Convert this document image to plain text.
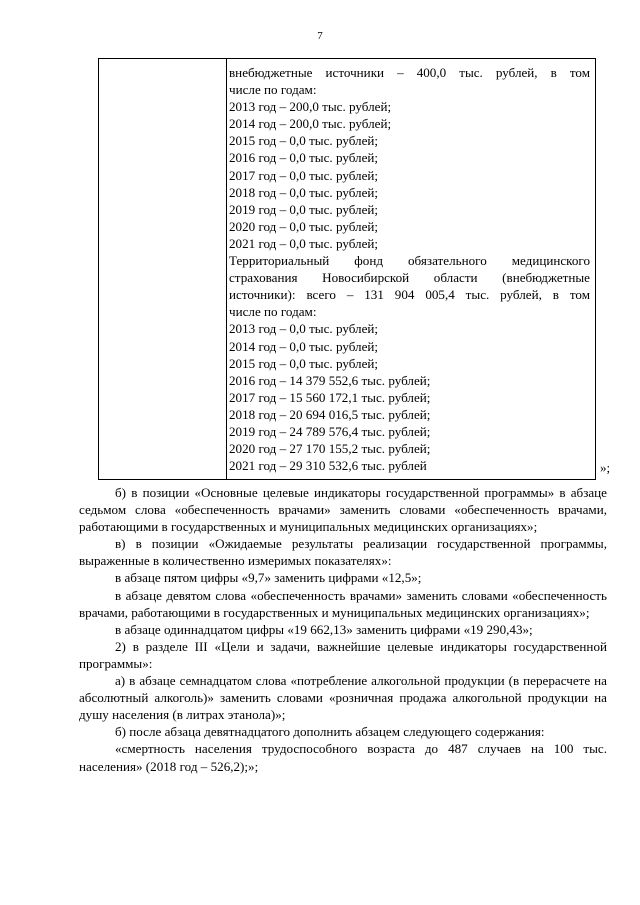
7

внебюджетные источники – 400,0 тыс. рублей, в том

числе по годам:

2013 год – 200,0 тыс. рублей;

2014 год – 200,0 тыс. рублей;

2015 год – 0,0 тыс. рублей;

2016 год – 0,0 тыс. рублей;

2017 год – 0,0 тыс. рублей;

2018 год – 0,0 тыс. рублей;

2019 год – 0,0 тыс. рублей;

2020 год – 0,0 тыс. рублей;

2021 год – 0,0 тыс. рублей;

Территориальный фонд обязательного медицинского

страхования Новосибирской области (внебюджетные

источники): всего – 131 904 005,4 тыс. рублей, в том

числе по годам:

2013 год – 0,0 тыс. рублей;

2014 год – 0,0 тыс. рублей;

2015 год – 0,0 тыс. рублей;

2016 год – 14 379 552,6 тыс. рублей;

2017 год – 15 560 172,1 тыс. рублей;

2018 год – 20 694 016,5 тыс. рублей;

2019 год – 24 789 576,4 тыс. рублей;

2020 год – 27 170 155,2 тыс. рублей;

2021 год – 29 310 532,6 тыс. рублей	»;

б) в позиции «Основные целевые индикаторы государственной программы» в абзаце седьмом слова «обеспеченность врачами» заменить словами «обеспеченность врачами, работающими в государственных и муниципальных медицинских организациях»;

в) в позиции «Ожидаемые результаты реализации государственной программы, выраженные в количественно измеримых показателях»:

в абзаце пятом цифры «9,7» заменить цифрами «12,5»;

в абзаце девятом слова «обеспеченность врачами» заменить словами «обеспеченность врачами, работающими в государственных и муниципальных медицинских организациях»;

в абзаце одиннадцатом цифры «19 662,13» заменить цифрами «19 290,43»;

2) в разделе III «Цели и задачи, важнейшие целевые индикаторы государственной программы»:

а) в абзаце семнадцатом слова «потребление алкогольной продукции (в перерасчете на абсолютный алкоголь)» заменить словами «розничная продажа алкогольной продукции на душу населения (в литрах этанола)»;

б) после абзаца девятнадцатого дополнить абзацем следующего содержания:

«смертность населения трудоспособного возраста до 487 случаев на 100 тыс. населения» (2018 год – 526,2);»;
